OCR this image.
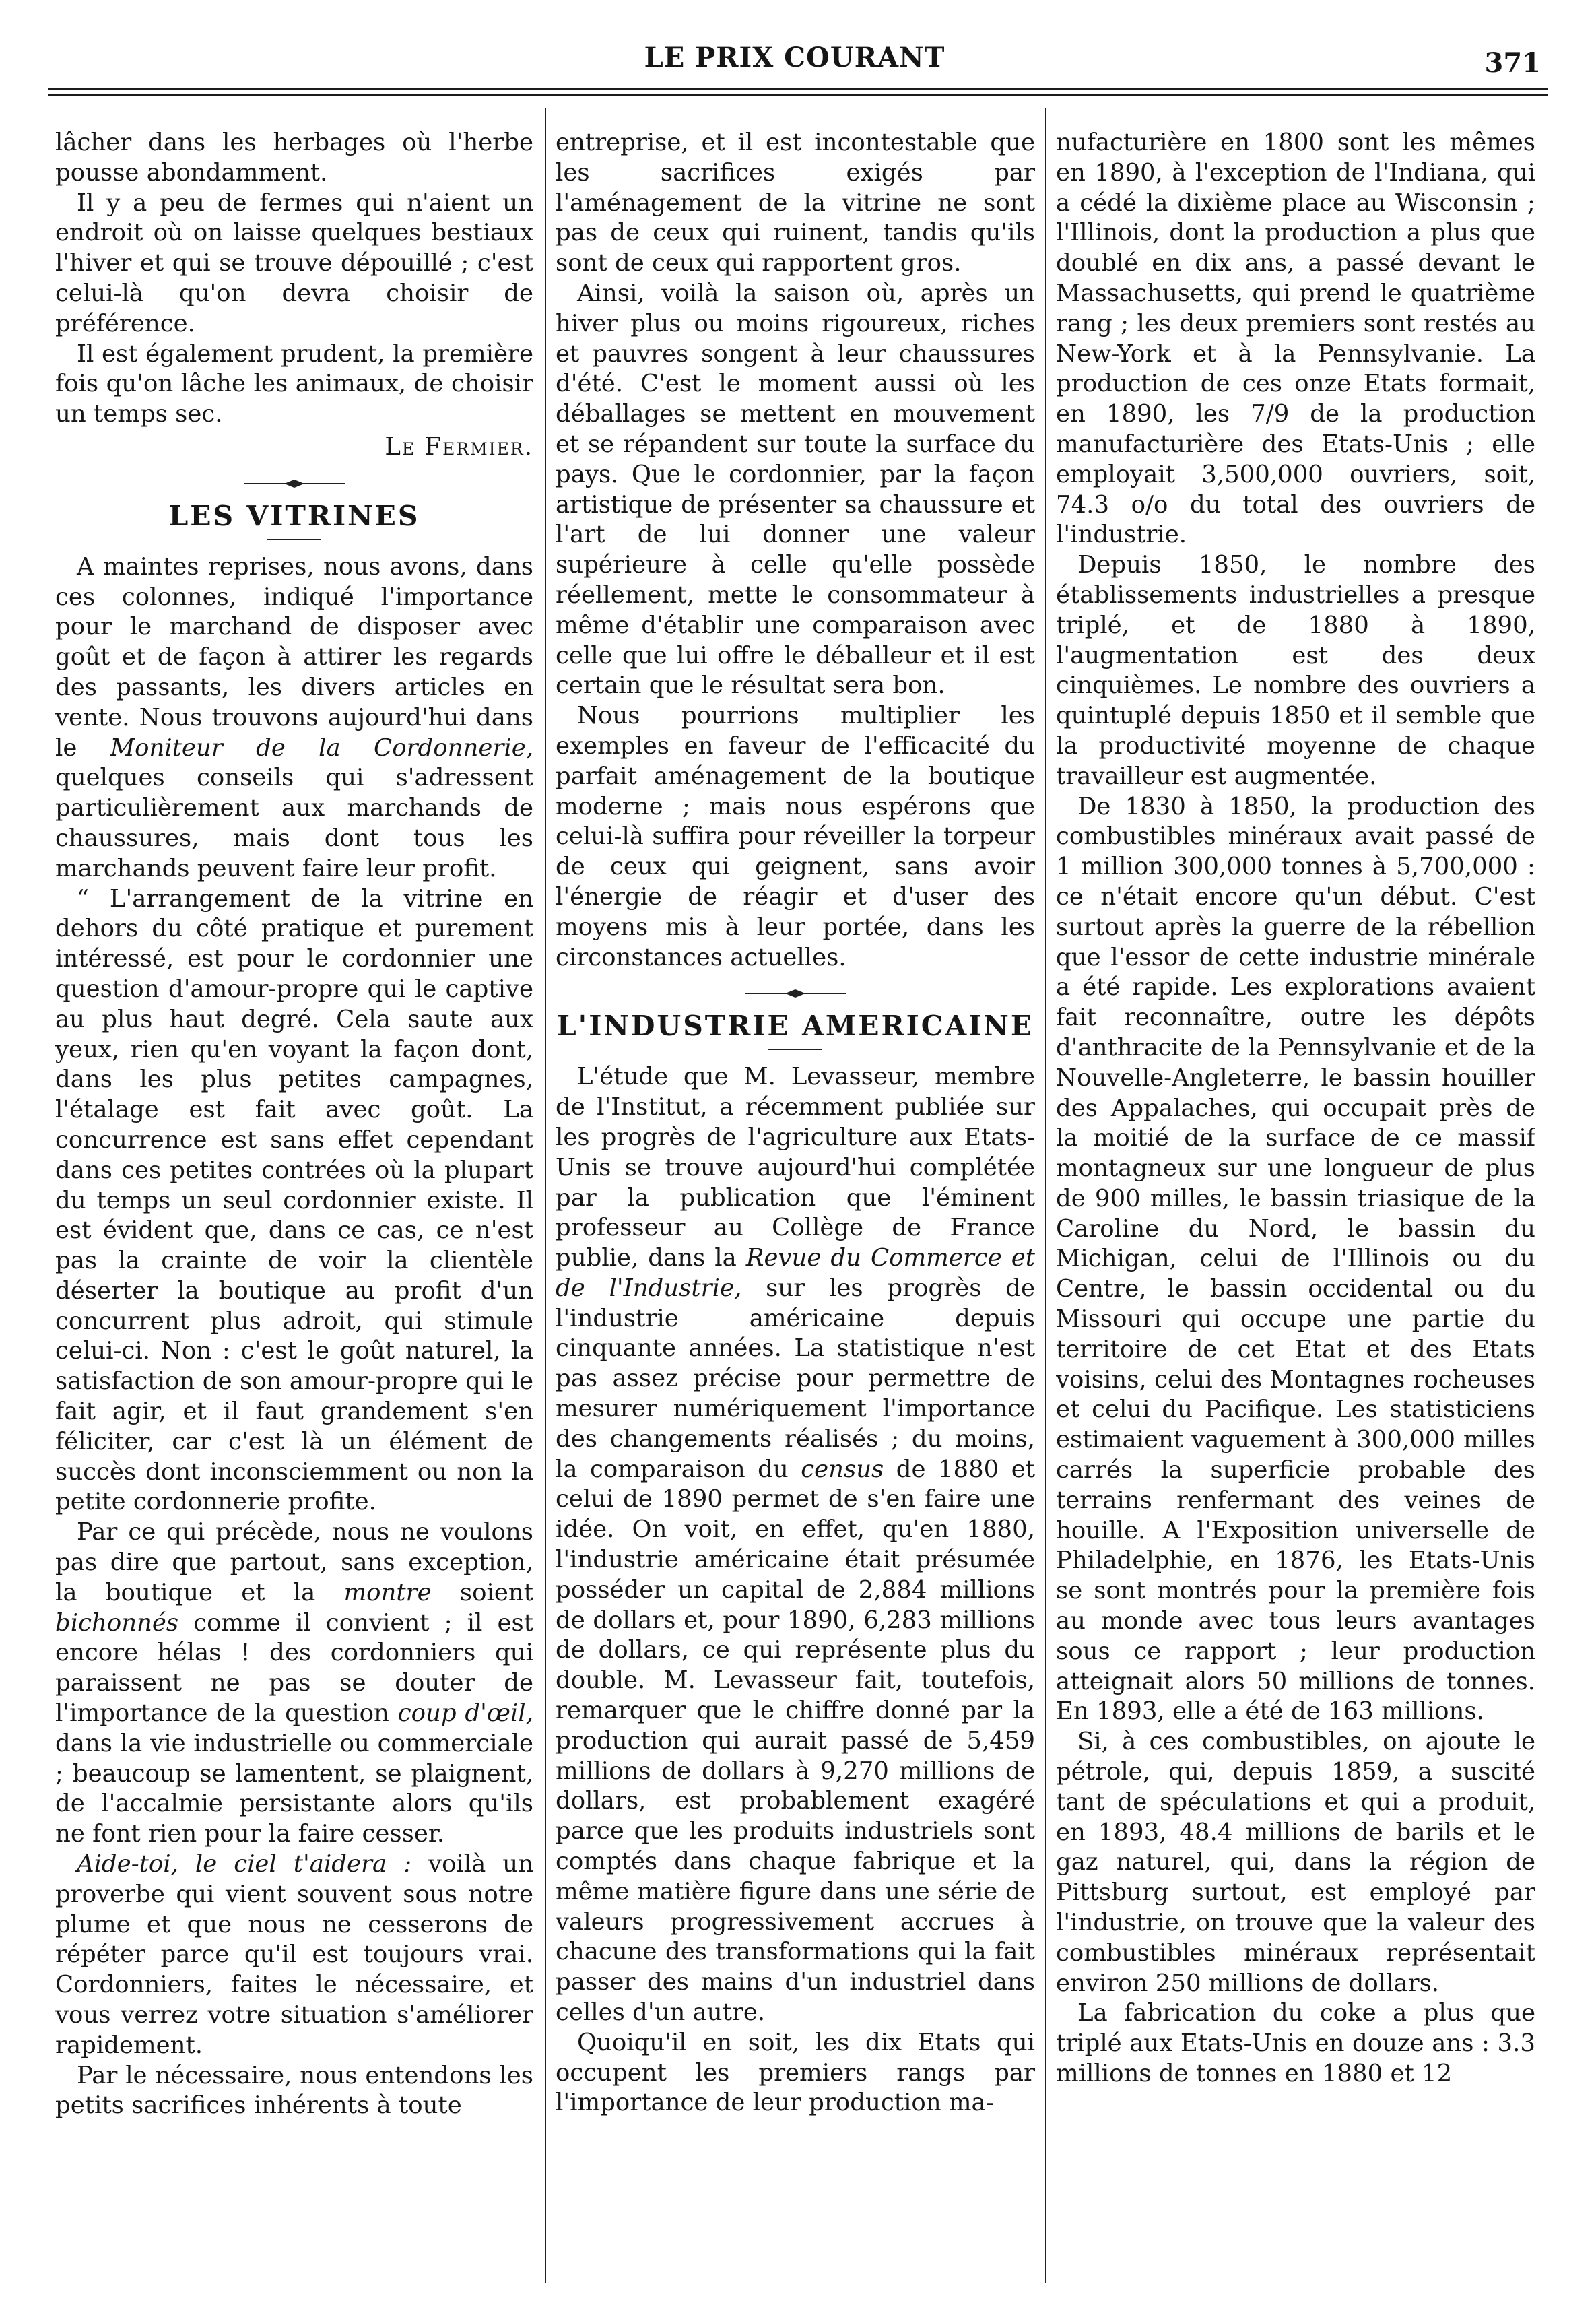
LE PRIX COURANT	371

lâcher dans les herbages où l'herbe pousse abondamment.

Il y a peu de fermes qui n'aient un endroit où on laisse quelques bestiaux l'hiver et qui se trouve dépouillé ; c'est celui-là qu'on devra choisir de préférence.

Il est également prudent, la première fois qu'on lâche les animaux, de choisir un temps sec.

Le Fermier.
LES VITRINES

A maintes reprises, nous avons, dans ces colonnes, indiqué l'importance pour le marchand de disposer avec goût et de façon à attirer les regards des passants, les divers articles en vente. Nous trouvons aujourd'hui dans le Moniteur de la Cordonnerie, quelques conseils qui s'adressent particulièrement aux marchands de chaussures, mais dont tous les marchands peuvent faire leur profit.

“ L'arrangement de la vitrine en dehors du côté pratique et purement intéressé, est pour le cordonnier une question d'amour-propre qui le captive au plus haut degré. Cela saute aux yeux, rien qu'en voyant la façon dont, dans les plus petites campagnes, l'étalage est fait avec goût. La concurrence est sans effet cependant dans ces petites contrées où la plupart du temps un seul cordonnier existe. Il est évident que, dans ce cas, ce n'est pas la crainte de voir la clientèle déserter la boutique au profit d'un concurrent plus adroit, qui stimule celui-ci. Non : c'est le goût naturel, la satisfaction de son amour-propre qui le fait agir, et il faut grandement s'en féliciter, car c'est là un élément de succès dont inconsciemment ou non la petite cordonnerie profite.

Par ce qui précède, nous ne voulons pas dire que partout, sans exception, la boutique et la montre soient bichonnés comme il convient ; il est encore hélas ! des cordonniers qui paraissent ne pas se douter de l'importance de la question coup d'œil, dans la vie industrielle ou commerciale ; beaucoup se lamentent, se plaignent, de l'accalmie persistante alors qu'ils ne font rien pour la faire cesser.

Aide-toi, le ciel t'aidera : voilà un proverbe qui vient souvent sous notre plume et que nous ne cesserons de répéter parce qu'il est toujours vrai. Cordonniers, faites le nécessaire, et vous verrez votre situation s'améliorer rapidement.

Par le nécessaire, nous entendons les petits sacrifices inhérents à toute

entreprise, et il est incontestable que les sacrifices exigés par l'aménagement de la vitrine ne sont pas de ceux qui ruinent, tandis qu'ils sont de ceux qui rapportent gros.

Ainsi, voilà la saison où, après un hiver plus ou moins rigoureux, riches et pauvres songent à leur chaussures d'été. C'est le moment aussi où les déballages se mettent en mouvement et se répandent sur toute la surface du pays. Que le cordonnier, par la façon artistique de présenter sa chaussure et l'art de lui donner une valeur supérieure à celle qu'elle possède réellement, mette le consommateur à même d'établir une comparaison avec celle que lui offre le déballeur et il est certain que le résultat sera bon.

Nous pourrions multiplier les exemples en faveur de l'efficacité du parfait aménagement de la boutique moderne ; mais nous espérons que celui-là suffira pour réveiller la torpeur de ceux qui geignent, sans avoir l'énergie de réagir et d'user des moyens mis à leur portée, dans les circonstances actuelles.

L'INDUSTRIE AMERICAINE

L'étude que M. Levasseur, membre de l'Institut, a récemment publiée sur les progrès de l'agriculture aux Etats-Unis se trouve aujourd'hui complétée par la publication que l'éminent professeur au Collège de France publie, dans la Revue du Commerce et de l'Industrie, sur les progrès de l'industrie américaine depuis cinquante années. La statistique n'est pas assez précise pour permettre de mesurer numériquement l'importance des changements réalisés ; du moins, la comparaison du census de 1880 et celui de 1890 permet de s'en faire une idée. On voit, en effet, qu'en 1880, l'industrie américaine était présumée posséder un capital de 2,884 millions de dollars et, pour 1890, 6,283 millions de dollars, ce qui représente plus du double. M. Levasseur fait, toutefois, remarquer que le chiffre donné par la production qui aurait passé de 5,459 millions de dollars à 9,270 millions de dollars, est probablement exagéré parce que les produits industriels sont comptés dans chaque fabrique et la même matière figure dans une série de valeurs progressivement accrues à chacune des transformations qui la fait passer des mains d'un industriel dans celles d'un autre.

Quoiqu'il en soit, les dix Etats qui occupent les premiers rangs par l'importance de leur production ma-

nufacturière en 1800 sont les mêmes en 1890, à l'exception de l'Indiana, qui a cédé la dixième place au Wisconsin ; l'Illinois, dont la production a plus que doublé en dix ans, a passé devant le Massachusetts, qui prend le quatrième rang ; les deux premiers sont restés au New-York et à la Pennsylvanie. La production de ces onze Etats formait, en 1890, les 7/9 de la production manufacturière des Etats-Unis ; elle employait 3,500,000 ouvriers, soit, 74.3 o/o du total des ouvriers de l'industrie.

Depuis 1850, le nombre des établissements industrielles a presque triplé, et de 1880 à 1890, l'augmentation est des deux cinquièmes. Le nombre des ouvriers a quintuplé depuis 1850 et il semble que la productivité moyenne de chaque travailleur est augmentée.

De 1830 à 1850, la production des combustibles minéraux avait passé de 1 million 300,000 tonnes à 5,700,000 : ce n'était encore qu'un début. C'est surtout après la guerre de la rébellion que l'essor de cette industrie minérale a été rapide. Les explorations avaient fait reconnaître, outre les dépôts d'anthracite de la Pennsylvanie et de la Nouvelle-Angleterre, le bassin houiller des Appalaches, qui occupait près de la moitié de la surface de ce massif montagneux sur une longueur de plus de 900 milles, le bassin triasique de la Caroline du Nord, le bassin du Michigan, celui de l'Illinois ou du Centre, le bassin occidental ou du Missouri qui occupe une partie du territoire de cet Etat et des Etats voisins, celui des Montagnes rocheuses et celui du Pacifique. Les statisticiens estimaient vaguement à 300,000 milles carrés la superficie probable des terrains renfermant des veines de houille. A l'Exposition universelle de Philadelphie, en 1876, les Etats-Unis se sont montrés pour la première fois au monde avec tous leurs avantages sous ce rapport ; leur production atteignait alors 50 millions de tonnes. En 1893, elle a été de 163 millions.

Si, à ces combustibles, on ajoute le pétrole, qui, depuis 1859, a suscité tant de spéculations et qui a produit, en 1893, 48.4 millions de barils et le gaz naturel, qui, dans la région de Pittsburg surtout, est employé par l'industrie, on trouve que la valeur des combustibles minéraux représentait environ 250 millions de dollars.

La fabrication du coke a plus que triplé aux Etats-Unis en douze ans : 3.3 millions de tonnes en 1880 et 12
